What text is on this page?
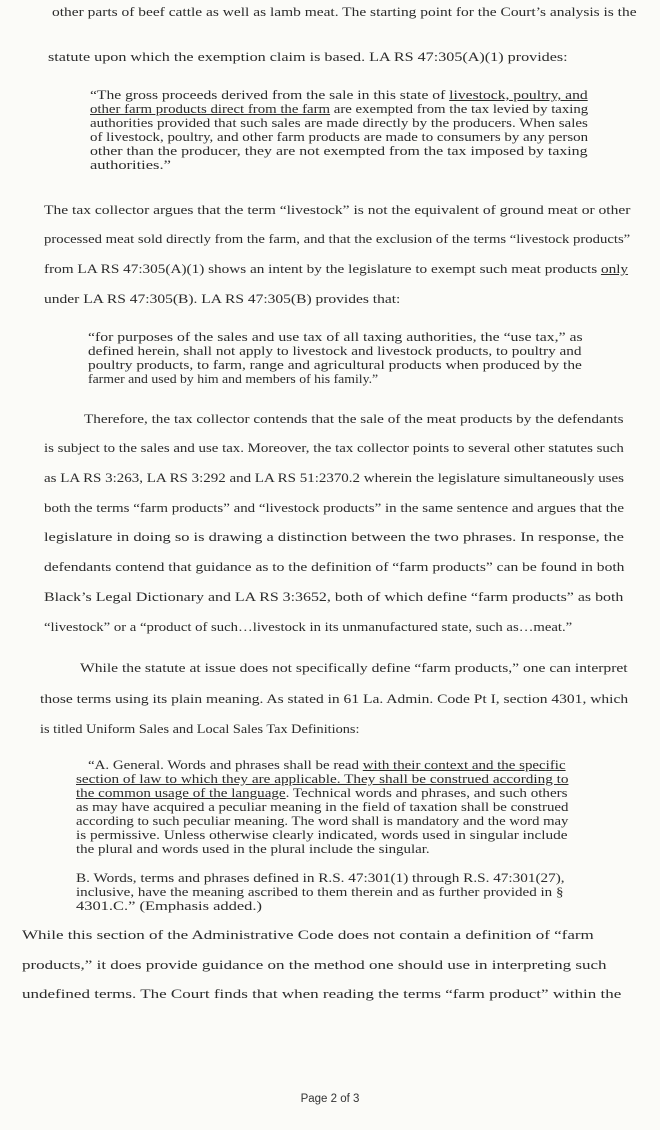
other parts of beef cattle as well as lamb meat. The starting point for the Court’s analysis is the
statute upon which the exemption claim is based. LA RS 47:305(A)(1) provides:
“The gross proceeds derived from the sale in this state of livestock, poultry, and
other farm products direct from the farm are exempted from the tax levied by taxing
authorities provided that such sales are made directly by the producers. When sales
of livestock, poultry, and other farm products are made to consumers by any person
other than the producer, they are not exempted from the tax imposed by taxing
authorities.”
The tax collector argues that the term “livestock” is not the equivalent of ground meat or other
processed meat sold directly from the farm, and that the exclusion of the terms “livestock products”
from LA RS 47:305(A)(1) shows an intent by the legislature to exempt such meat products only
under LA RS 47:305(B). LA RS 47:305(B) provides that:
“for purposes of the sales and use tax of all taxing authorities, the “use tax,” as
defined herein, shall not apply to livestock and livestock products, to poultry and
poultry products, to farm, range and agricultural products when produced by the
farmer and used by him and members of his family.”
Therefore, the tax collector contends that the sale of the meat products by the defendants
is subject to the sales and use tax. Moreover, the tax collector points to several other statutes such
as LA RS 3:263, LA RS 3:292 and LA RS 51:2370.2 wherein the legislature simultaneously uses
both the terms “farm products” and “livestock products” in the same sentence and argues that the
legislature in doing so is drawing a distinction between the two phrases. In response, the
defendants contend that guidance as to the definition of “farm products” can be found in both
Black’s Legal Dictionary and LA RS 3:3652, both of which define “farm products” as both
“livestock” or a “product of such…livestock in its unmanufactured state, such as…meat.”
While the statute at issue does not specifically define “farm products,” one can interpret
those terms using its plain meaning. As stated in 61 La. Admin. Code Pt I, section 4301, which
is titled Uniform Sales and Local Sales Tax Definitions:
“A. General. Words and phrases shall be read with their context and the specific
section of law to which they are applicable. They shall be construed according to
the common usage of the language. Technical words and phrases, and such others
as may have acquired a peculiar meaning in the field of taxation shall be construed
according to such peculiar meaning. The word shall is mandatory and the word may
is permissive. Unless otherwise clearly indicated, words used in singular include
the plural and words used in the plural include the singular.
B. Words, terms and phrases defined in R.S. 47:301(1) through R.S. 47:301(27),
inclusive, have the meaning ascribed to them therein and as further provided in §
4301.C.” (Emphasis added.)
While this section of the Administrative Code does not contain a definition of “farm
products,” it does provide guidance on the method one should use in interpreting such
undefined terms. The Court finds that when reading the terms “farm product” within the
Page 2 of 3
